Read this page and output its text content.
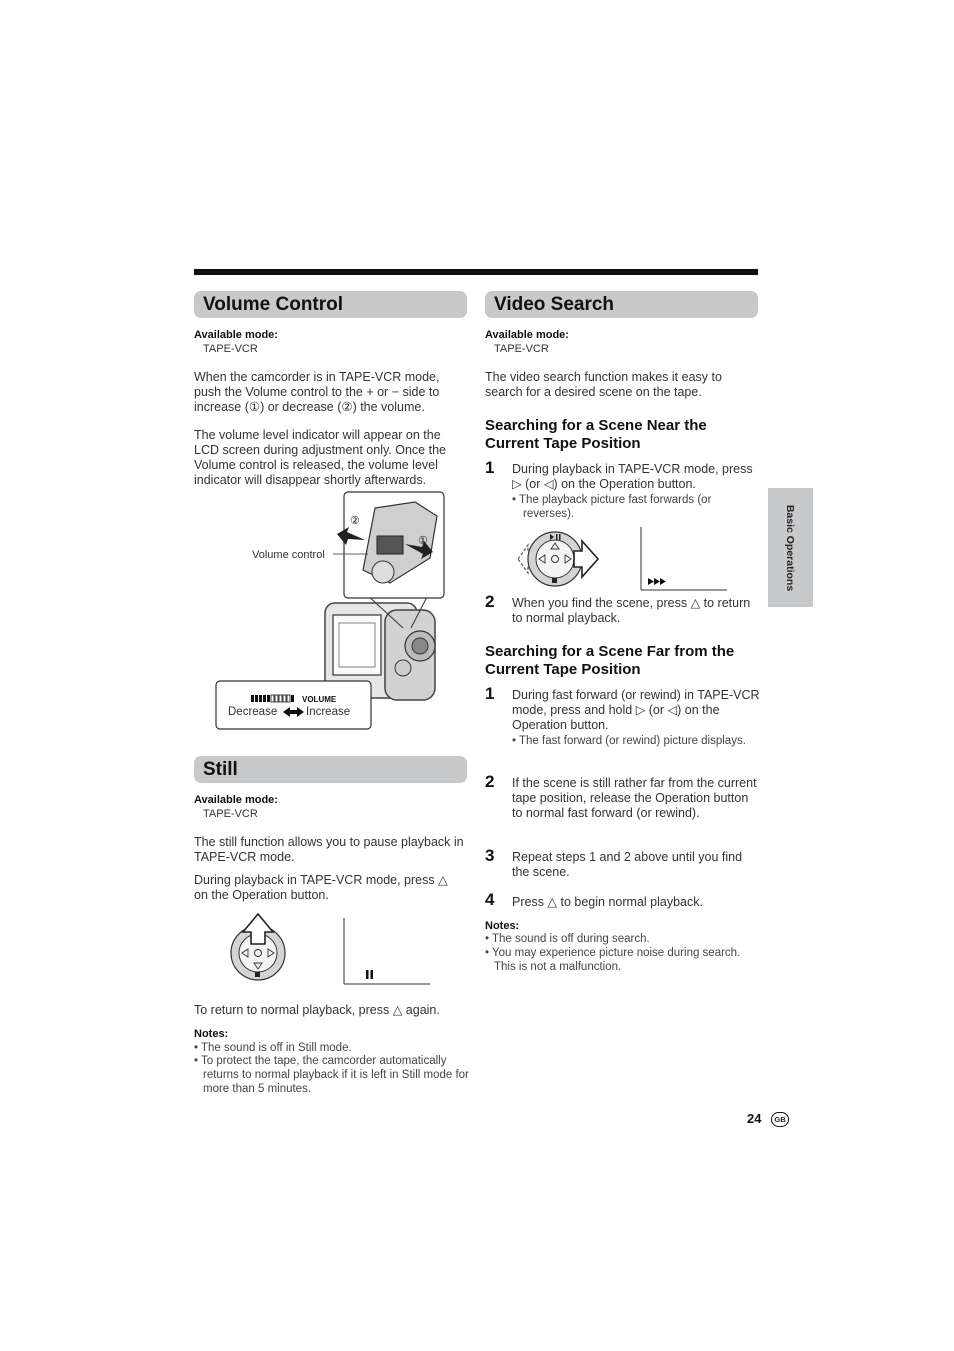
Volume Control
Available mode:
TAPE-VCR
When the camcorder is in TAPE-VCR mode, push the Volume control to the + or − side to increase (①) or decrease (②) the volume.
The volume level indicator will appear on the LCD screen during adjustment only. Once the Volume control is released, the volume level indicator will disappear shortly afterwards.
②
①
Volume control
VOLUME
Decrease	Increase
Still
Available mode:
TAPE-VCR
The still function allows you to pause playback in TAPE-VCR mode.
During playback in TAPE-VCR mode, press △ on the Operation button.
To return to normal playback, press △ again.
Notes:
• The sound is off in Still mode.
• To protect the tape, the camcorder automatically returns to normal playback if it is left in Still mode for more than 5 minutes.
Video Search
Available mode:
TAPE-VCR
The video search function makes it easy to search for a desired scene on the tape.
Searching for a Scene Near the Current Tape Position
1 During playback in TAPE-VCR mode, press ▷ (or ◁) on the Operation button.
• The playback picture fast forwards (or reverses).
2 When you find the scene, press △ to return to normal playback.
Searching for a Scene Far from the Current Tape Position
1 During fast forward (or rewind) in TAPE-VCR mode, press and hold ▷ (or ◁) on the Operation button.
• The fast forward (or rewind) picture displays.
2 If the scene is still rather far from the current tape position, release the Operation button to normal fast forward (or rewind).
3 Repeat steps 1 and 2 above until you find the scene.
4 Press △ to begin normal playback.
Notes:
• The sound is off during search.
• You may experience picture noise during search. This is not a malfunction.
Basic Operations
24	GB
